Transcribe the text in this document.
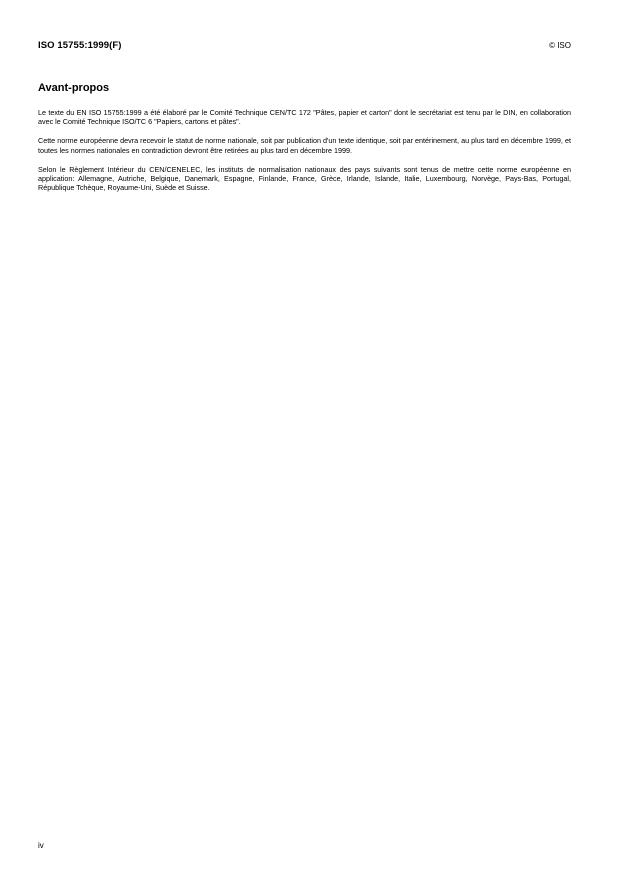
ISO 15755:1999(F)	© ISO
Avant-propos

Le texte du EN ISO 15755:1999 a été élaboré par le Comité Technique CEN/TC 172 "Pâtes, papier et carton" dont le secrétariat est tenu par le DIN, en collaboration avec le Comité Technique ISO/TC 6 "Papiers, cartons et pâtes".

Cette norme européenne devra recevoir le statut de norme nationale, soit par publication d'un texte identique, soit par entérinement, au plus tard en décembre 1999, et toutes les normes nationales en contradiction devront être retirées au plus tard en décembre 1999.

Selon le Règlement Intérieur du CEN/CENELEC, les instituts de normalisation nationaux des pays suivants sont tenus de mettre cette norme européenne en application: Allemagne, Autriche, Belgique, Danemark, Espagne, Finlande, France, Grèce, Irlande, Islande, Italie, Luxembourg, Norvège, Pays-Bas, Portugal, République Tchèque, Royaume-Uni, Suède et Suisse.

iv
